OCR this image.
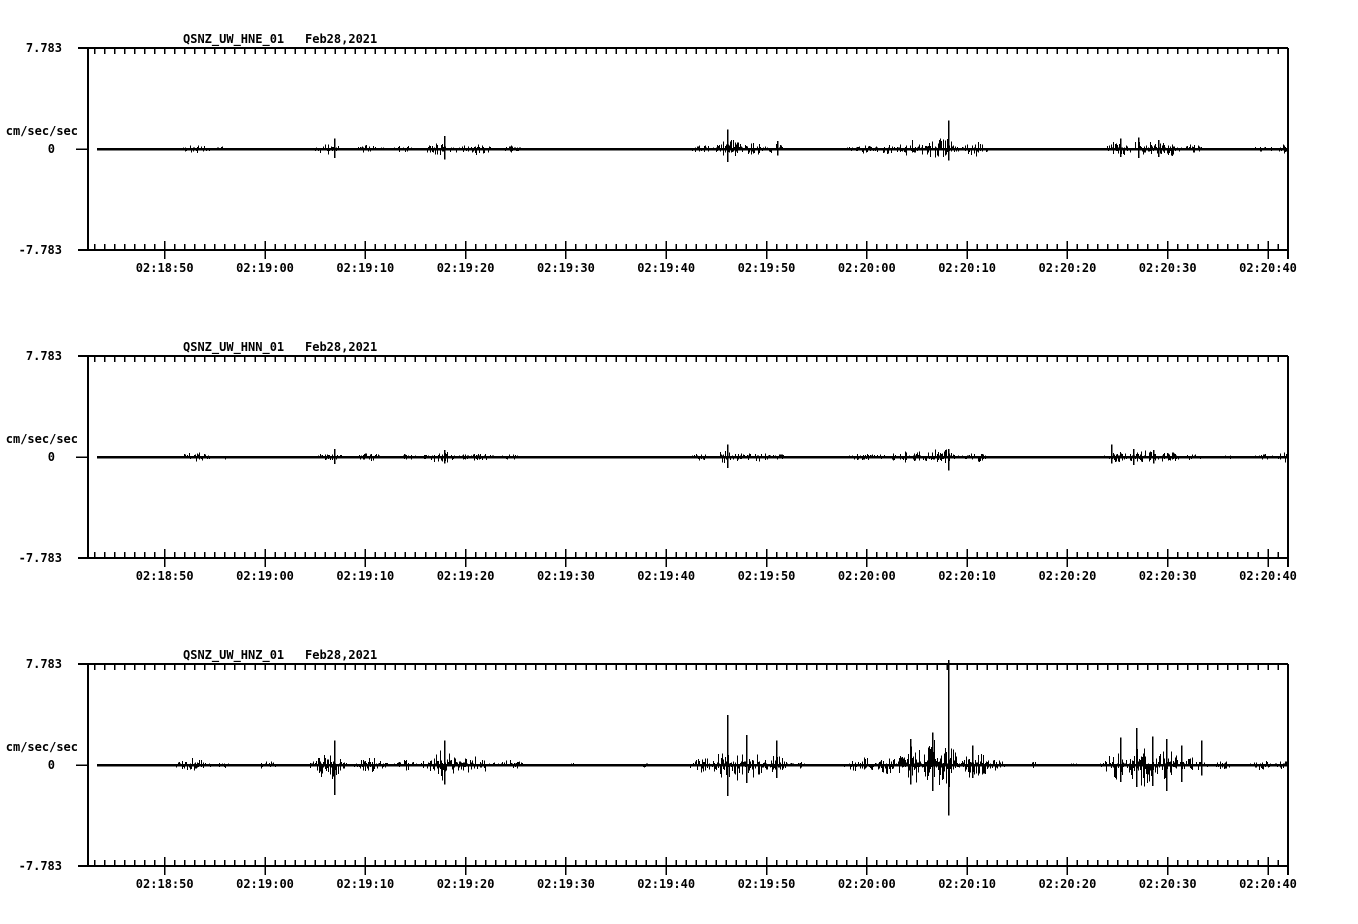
QSNZ_UW_HNE_01 Feb28,2021
7.783
cm/sec/sec
0
-7.783
02:18:50	02:19:00	02:19:10	02:19:20	02:19:30	02:19:40	02:19:50	02:20:00	02:20:10	02:20:20	02:20:30	02:20:40
QSNZ_UW_HNN_01 Feb28,2021
7.783
cm/sec/sec
0
-7.783
02:18:50	02:19:00	02:19:10	02:19:20	02:19:30	02:19:40	02:19:50	02:20:00	02:20:10	02:20:20	02:20:30	02:20:40
QSNZ_UW_HNZ_01 Feb28,2021
7.783
cm/sec/sec
0
-7.783
02:18:50	02:19:00	02:19:10	02:19:20	02:19:30	02:19:40	02:19:50	02:20:00	02:20:10	02:20:20	02:20:30	02:20:40
